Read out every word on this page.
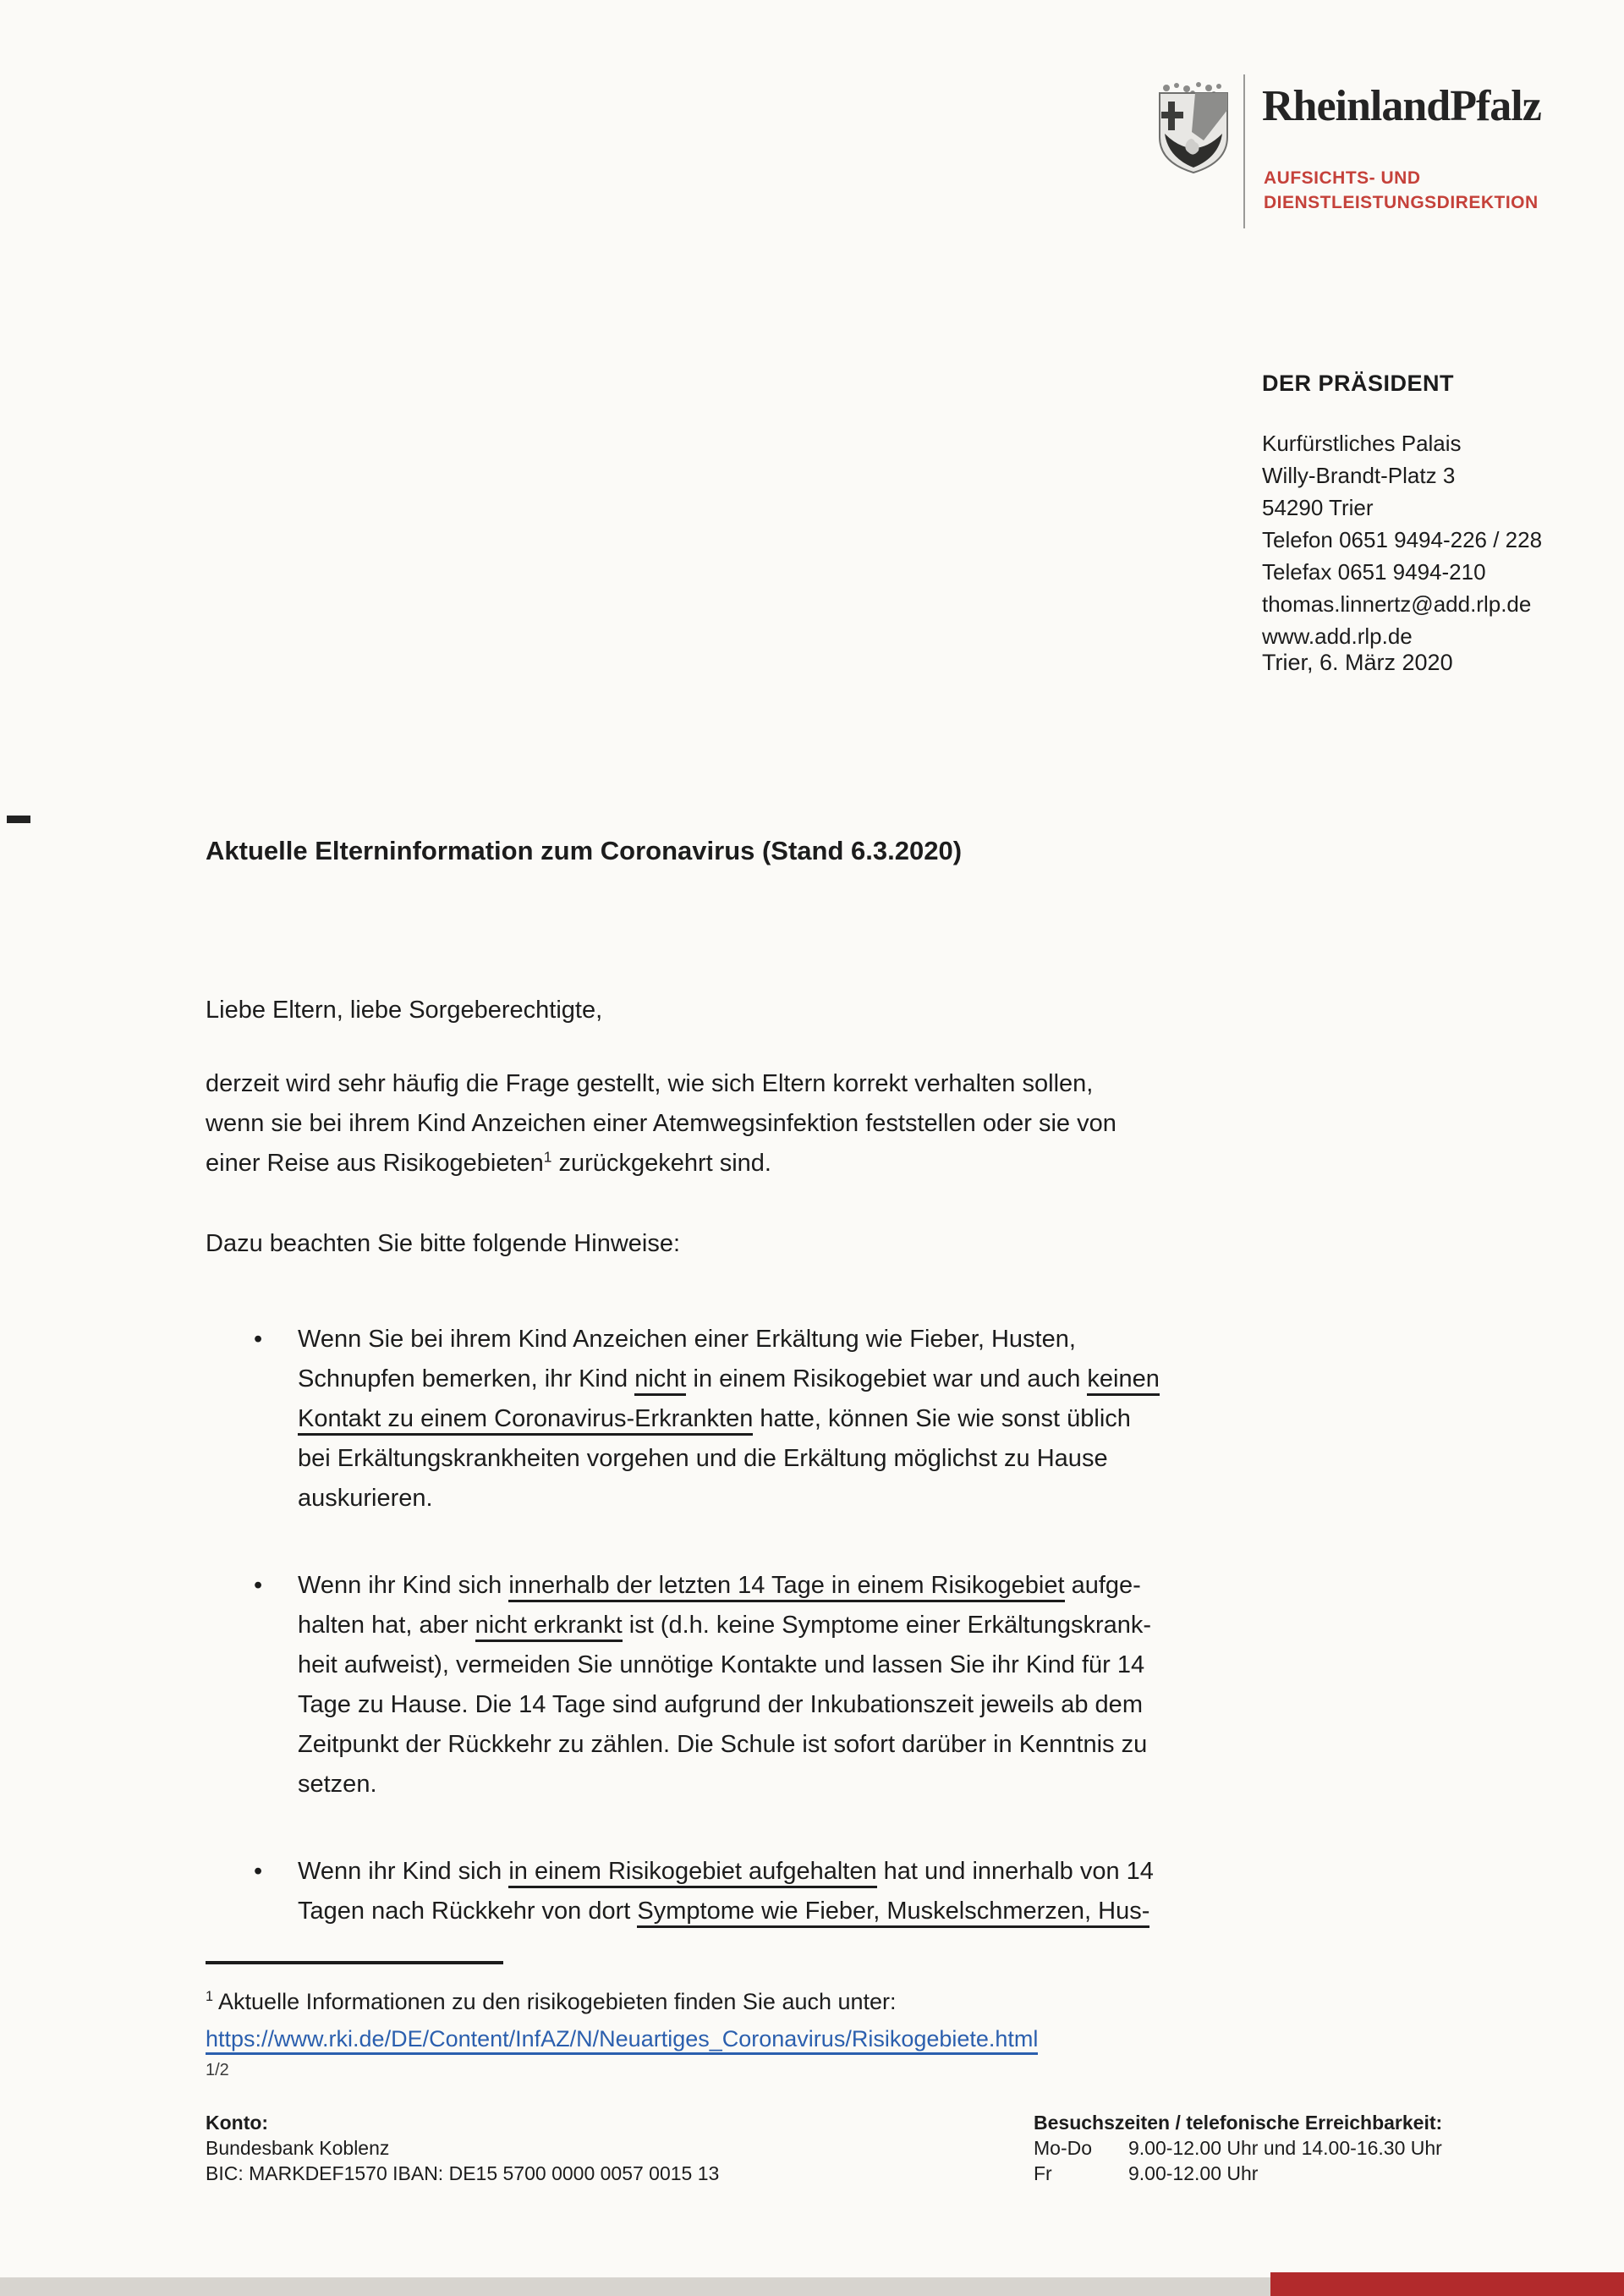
RheinlandPfalz
AUFSICHTS- UND
DIENSTLEISTUNGSDIREKTION
DER PRÄSIDENT
Kurfürstliches Palais
Willy-Brandt-Platz 3
54290 Trier
Telefon 0651 9494-226 / 228
Telefax 0651 9494-210
thomas.linnertz@add.rlp.de
www.add.rlp.de
Trier, 6. März 2020
Aktuelle Elterninformation zum Coronavirus (Stand 6.3.2020)
Liebe Eltern, liebe Sorgeberechtigte,
derzeit wird sehr häufig die Frage gestellt, wie sich Eltern korrekt verhalten sollen,
wenn sie bei ihrem Kind Anzeichen einer Atemwegsinfektion feststellen oder sie von
einer Reise aus Risikogebieten$^1$ zurückgekehrt sind.
Dazu beachten Sie bitte folgende Hinweise:
• Wenn Sie bei ihrem Kind Anzeichen einer Erkältung wie Fieber, Husten,
Schnupfen bemerken, ihr Kind nicht in einem Risikogebiet war und auch keinen
Kontakt zu einem Coronavirus-Erkrankten hatte, können Sie wie sonst üblich
bei Erkältungskrankheiten vorgehen und die Erkältung möglichst zu Hause
auskurieren.
• Wenn ihr Kind sich innerhalb der letzten 14 Tage in einem Risikogebiet aufge-
halten hat, aber nicht erkrankt ist (d.h. keine Symptome einer Erkältungskrank-
heit aufweist), vermeiden Sie unnötige Kontakte und lassen Sie ihr Kind für 14
Tage zu Hause. Die 14 Tage sind aufgrund der Inkubationszeit jeweils ab dem
Zeitpunkt der Rückkehr zu zählen. Die Schule ist sofort darüber in Kenntnis zu
setzen.
• Wenn ihr Kind sich in einem Risikogebiet aufgehalten hat und innerhalb von 14
Tagen nach Rückkehr von dort Symptome wie Fieber, Muskelschmerzen, Hus-
$^1$ Aktuelle Informationen zu den risikogebieten finden Sie auch unter:
https://www.rki.de/DE/Content/InfAZ/N/Neuartiges_Coronavirus/Risikogebiete.html
1/2
Konto:
Bundesbank Koblenz
BIC: MARKDEF1570 IBAN: DE15 5700 0000 0057 0015 13
Besuchszeiten / telefonische Erreichbarkeit:
Mo-Do	9.00-12.00 Uhr und 14.00-16.30 Uhr
Fr	9.00-12.00 Uhr
